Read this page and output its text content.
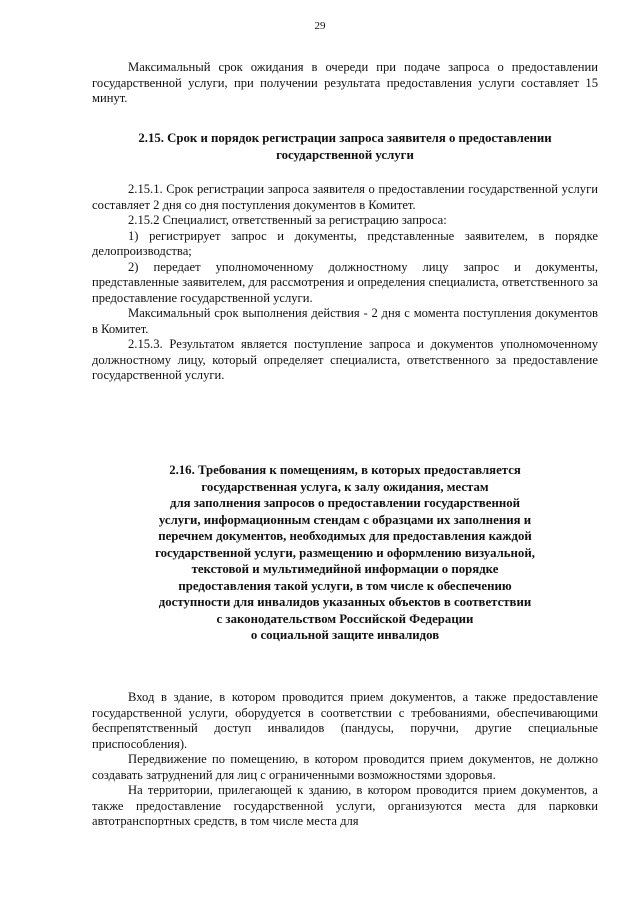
29

Максимальный срок ожидания в очереди при подаче запроса о предоставлении государственной услуги, при получении результата предоставления услуги составляет 15 минут.

2.15. Срок и порядок регистрации запроса заявителя о предоставлении
государственной услуги

2.15.1. Срок регистрации запроса заявителя о предоставлении государственной услуги составляет 2 дня со дня поступления документов в Комитет.

2.15.2 Специалист, ответственный за регистрацию запроса:

1) регистрирует запрос и документы, представленные заявителем, в порядке делопроизводства;

2) передает уполномоченному должностному лицу запрос и документы, представленные заявителем, для рассмотрения и определения специалиста, ответственного за предоставление государственной услуги.

Максимальный срок выполнения действия - 2 дня с момента поступления документов в Комитет.

2.15.3. Результатом является поступление запроса и документов уполномоченному должностному лицу, который определяет специалиста, ответственного за предоставление государственной услуги.

2.16. Требования к помещениям, в которых предоставляется
государственная услуга, к залу ожидания, местам
для заполнения запросов о предоставлении государственной
услуги, информационным стендам с образцами их заполнения и
перечнем документов, необходимых для предоставления каждой
государственной услуги, размещению и оформлению визуальной,
текстовой и мультимедийной информации о порядке
предоставления такой услуги, в том числе к обеспечению
доступности для инвалидов указанных объектов в соответствии
с законодательством Российской Федерации
о социальной защите инвалидов

Вход в здание, в котором проводится прием документов, а также предоставление государственной услуги, оборудуется в соответствии с требованиями, обеспечивающими беспрепятственный доступ инвалидов (пандусы, поручни, другие специальные приспособления).

Передвижение по помещению, в котором проводится прием документов, не должно создавать затруднений для лиц с ограниченными возможностями здоровья.

На территории, прилегающей к зданию, в котором проводится прием документов, а также предоставление государственной услуги, организуются места для парковки автотранспортных средств, в том числе места для
